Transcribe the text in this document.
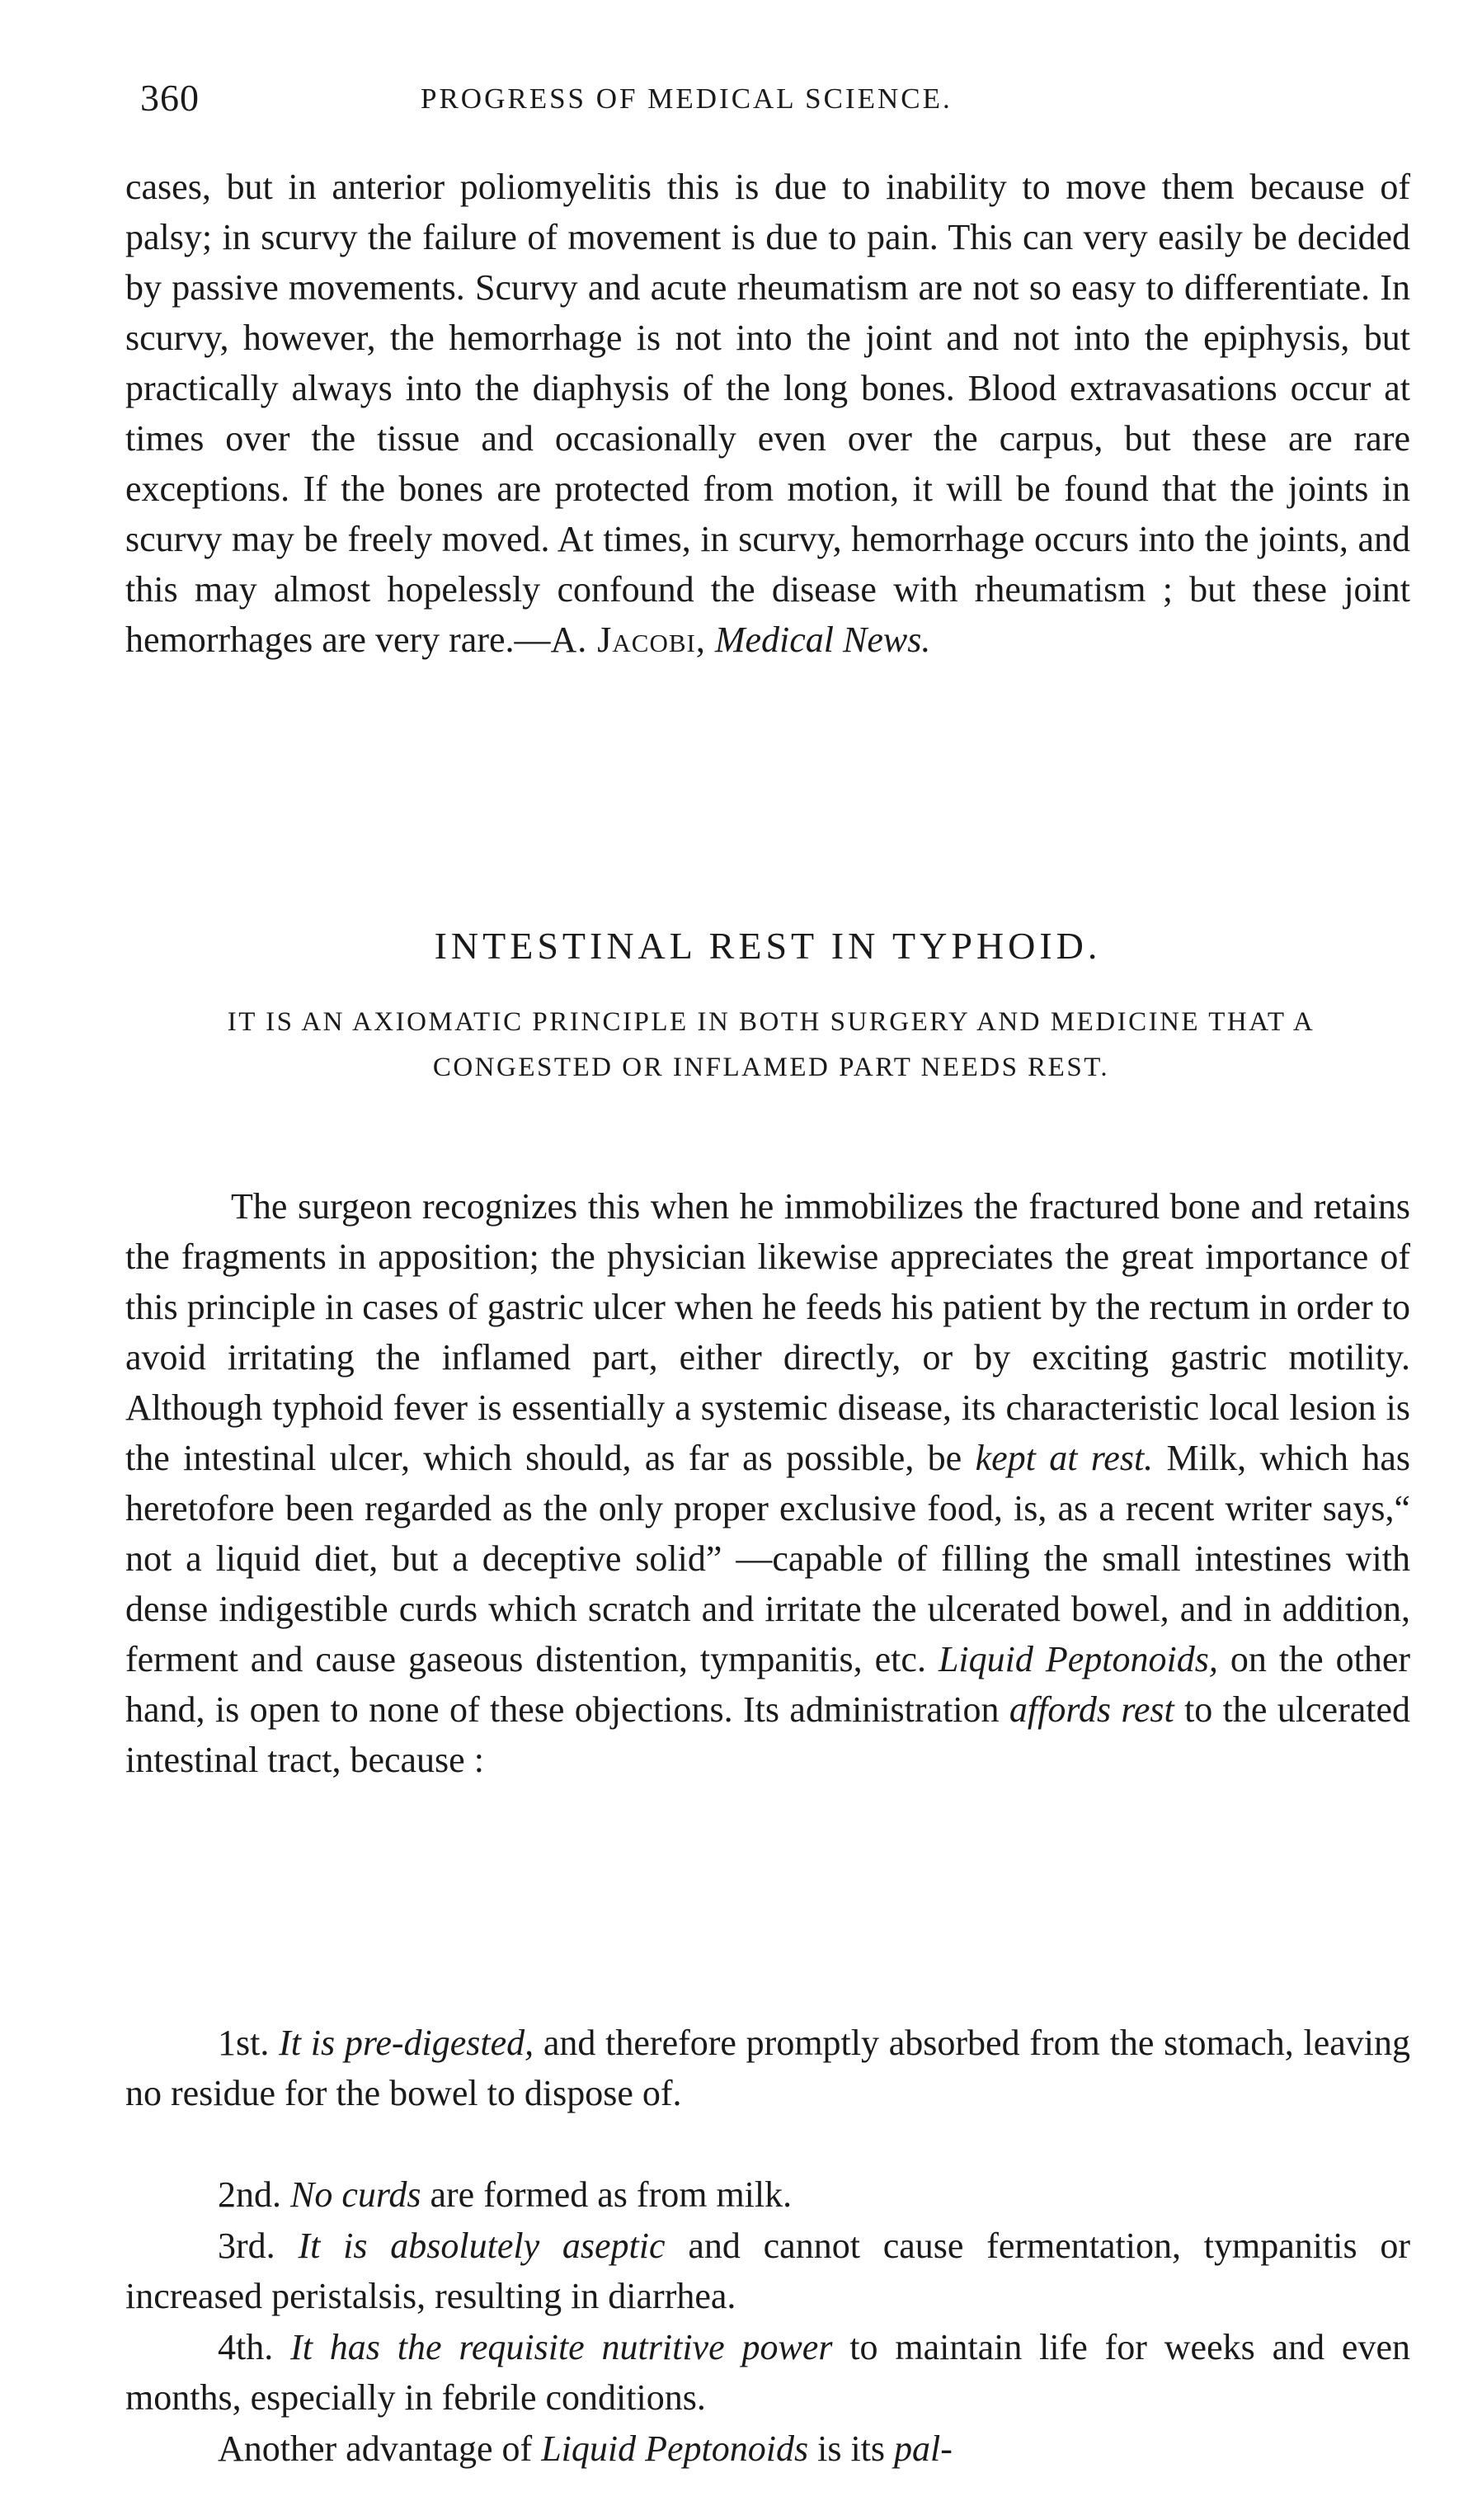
360	PROGRESS OF MEDICAL SCIENCE.

cases, but in anterior poliomyelitis this is due to inability to move them because of palsy; in scurvy the failure of movement is due to pain. This can very easily be decided by passive movements. Scurvy and acute rheumatism are not so easy to differentiate. In scurvy, however, the hemorrhage is not into the joint and not into the epiphysis, but practically always into the diaphysis of the long bones. Blood extravasations occur at times over the tissue and occasionally even over the carpus, but these are rare exceptions. If the bones are protected from motion, it will be found that the joints in scurvy may be freely moved. At times, in scurvy, hemorrhage occurs into the joints, and this may almost hopelessly confound the disease with rheumatism ; but these joint hemorrhages are very rare.—A. Jacobi, Medical News.

INTESTINAL REST IN TYPHOID.

IT IS AN AXIOMATIC PRINCIPLE IN BOTH SURGERY AND MEDICINE THAT A CONGESTED OR INFLAMED PART NEEDS REST.

The surgeon recognizes this when he immobilizes the fractured bone and retains the fragments in apposition; the physician likewise appreciates the great importance of this principle in cases of gastric ulcer when he feeds his patient by the rectum in order to avoid irritating the inflamed part, either directly, or by exciting gastric motility. Although typhoid fever is essentially a systemic disease, its characteristic local lesion is the intestinal ulcer, which should, as far as possible, be kept at rest. Milk, which has heretofore been regarded as the only proper exclusive food, is, as a recent writer says,“ not a liquid diet, but a deceptive solid” —capable of filling the small intestines with dense indigestible curds which scratch and irritate the ulcerated bowel, and in addition, ferment and cause gaseous distention, tympanitis, etc. Liquid Peptonoids, on the other hand, is open to none of these objections. Its administration affords rest to the ulcerated intestinal tract, because :

1st. It is pre-digested, and therefore promptly absorbed from the stomach, leaving no residue for the bowel to dispose of.

2nd. No curds are formed as from milk.

3rd. It is absolutely aseptic and cannot cause fermentation, tympanitis or increased peristalsis, resulting in diarrhea.

4th. It has the requisite nutritive power to maintain life for weeks and even months, especially in febrile conditions.

Another advantage of Liquid Peptonoids is its pal-
